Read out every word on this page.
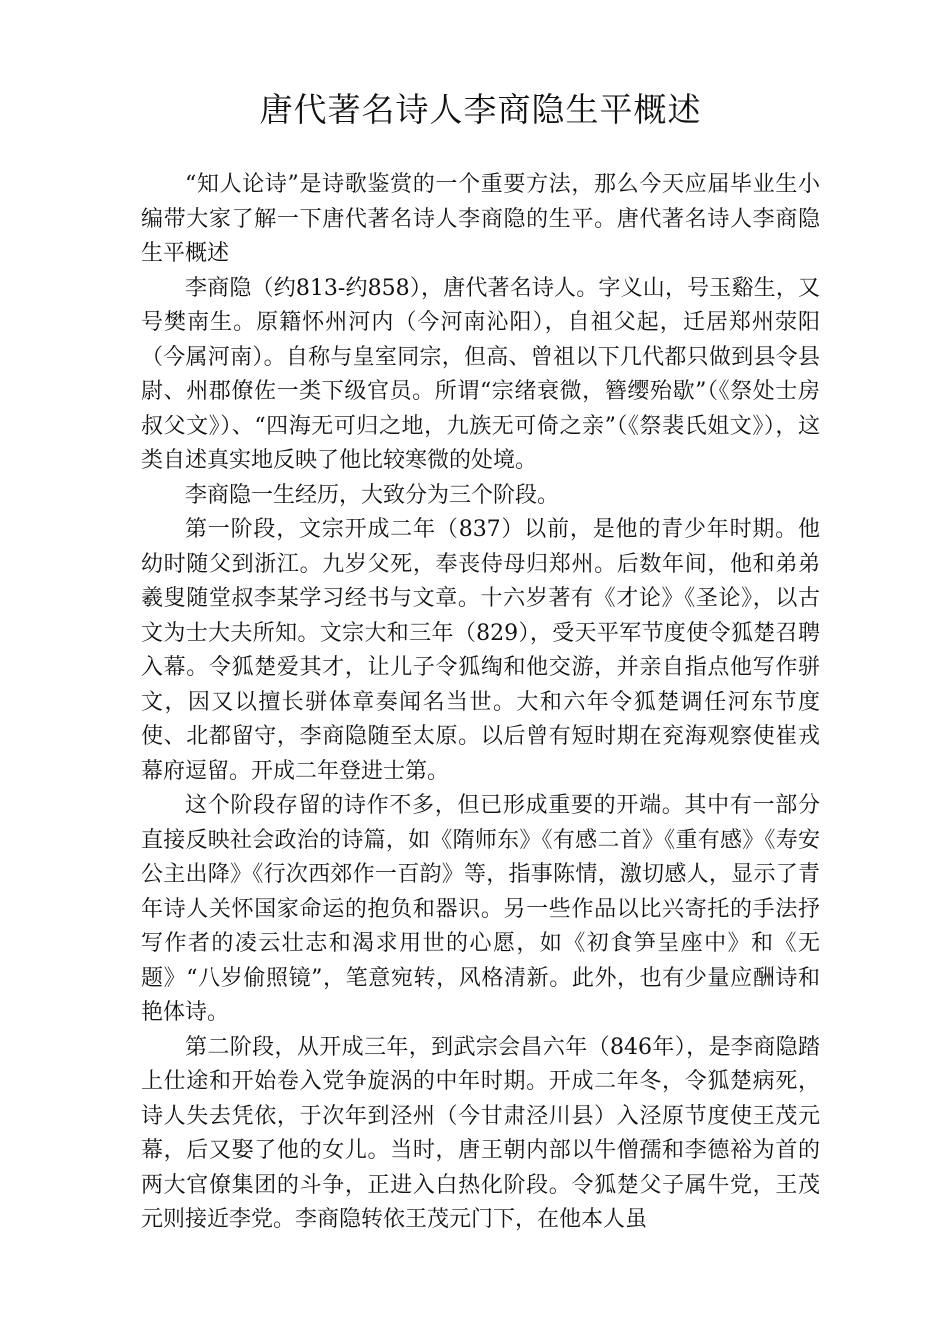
唐代著名诗人李商隐生平概述

“知人论诗”是诗歌鉴赏的一个重要方法，那么今天应届毕业生小编带大家了解一下唐代著名诗人李商隐的生平。唐代著名诗人李商隐生平概述

李商隐（约813-约858），唐代著名诗人。字义山，号玉谿生，又号樊南生。原籍怀州河内（今河南沁阳），自祖父起，迁居郑州荥阳（今属河南）。自称与皇室同宗，但高、曾祖以下几代都只做到县令县尉、州郡僚佐一类下级官员。所谓“宗绪衰微，簪缨殆歇”（《祭处士房叔父文》）、“四海无可归之地，九族无可倚之亲”（《祭裴氏姐文》），这类自述真实地反映了他比较寒微的处境。

李商隐一生经历，大致分为三个阶段。

第一阶段，文宗开成二年（837）以前，是他的青少年时期。他幼时随父到浙江。九岁父死，奉丧侍母归郑州。后数年间，他和弟弟羲叟随堂叔李某学习经书与文章。十六岁著有《才论》《圣论》，以古文为士大夫所知。文宗大和三年（829），受天平军节度使令狐楚召聘入幕。令狐楚爱其才，让儿子令狐绹和他交游，并亲自指点他写作骈文，因又以擅长骈体章奏闻名当世。大和六年令狐楚调任河东节度使、北都留守，李商隐随至太原。以后曾有短时期在兖海观察使崔戎幕府逗留。开成二年登进士第。

这个阶段存留的诗作不多，但已形成重要的开端。其中有一部分直接反映社会政治的诗篇，如《隋师东》《有感二首》《重有感》《寿安公主出降》《行次西郊作一百韵》等，指事陈情，激切感人，显示了青年诗人关怀国家命运的抱负和器识。另一些作品以比兴寄托的手法抒写作者的凌云壮志和渴求用世的心愿，如《初食笋呈座中》和《无题》“八岁偷照镜”，笔意宛转，风格清新。此外，也有少量应酬诗和艳体诗。

第二阶段，从开成三年，到武宗会昌六年（846年），是李商隐踏上仕途和开始卷入党争旋涡的中年时期。开成二年冬，令狐楚病死，诗人失去凭依，于次年到泾州（今甘肃泾川县）入泾原节度使王茂元幕，后又娶了他的女儿。当时，唐王朝内部以牛僧孺和李德裕为首的两大官僚集团的斗争，正进入白热化阶段。令狐楚父子属牛党，王茂元则接近李党。李商隐转依王茂元门下，在他本人虽
